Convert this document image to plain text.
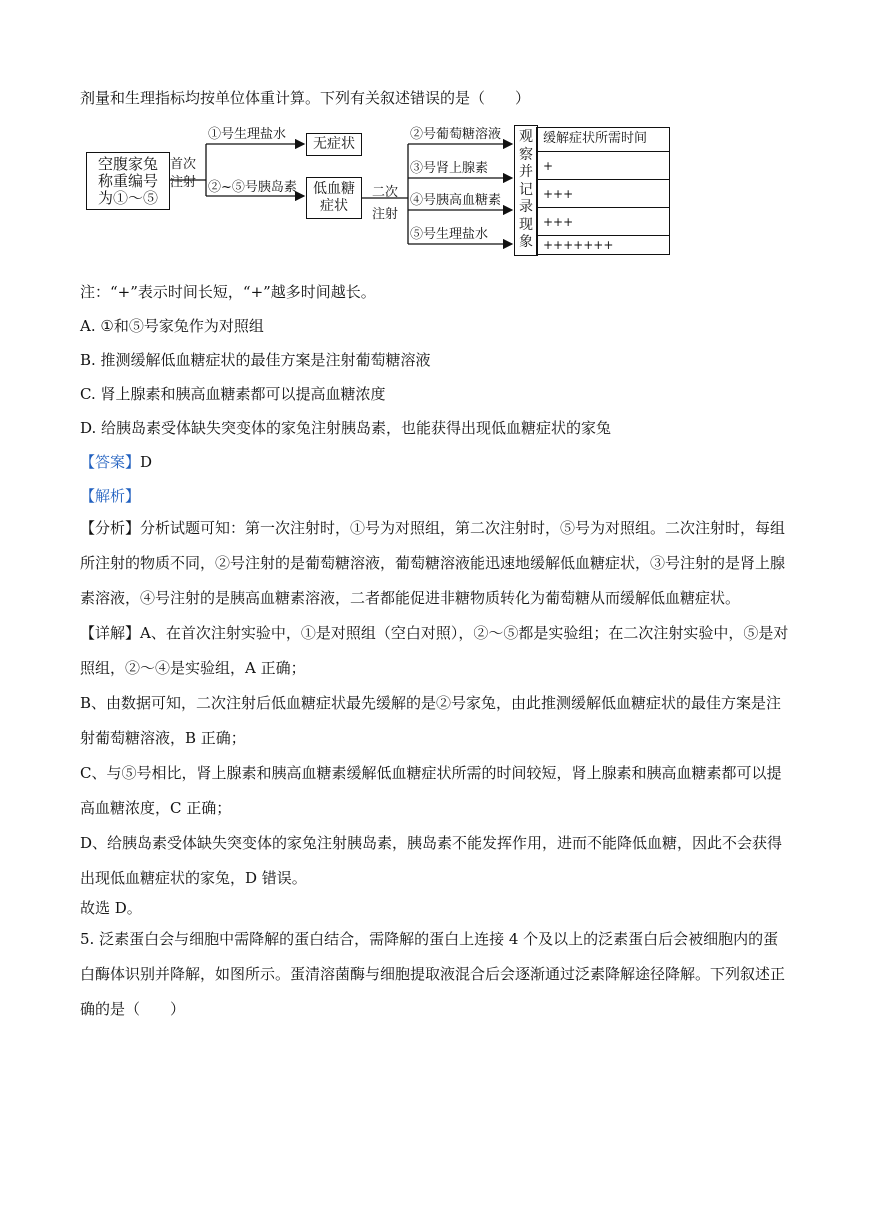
剂量和生理指标均按单位体重计算。下列有关叙述错误的是（　　）
空腹家兔
称重编号
为①～⑤
首次
注射
①号生理盐水
②~⑤号胰岛素
无症状
低血糖
症状
二次
注射
②号葡萄糖溶液
③号肾上腺素
④号胰高血糖素
⑤号生理盐水
观
察
并
记
录
现
象
缓解症状所需时间
+
+++
+++
+++++++
注：“+”表示时间长短，“+”越多时间越长。
A. ①和⑤号家兔作为对照组
B. 推测缓解低血糖症状的最佳方案是注射葡萄糖溶液
C. 肾上腺素和胰高血糖素都可以提高血糖浓度
D. 给胰岛素受体缺失突变体的家兔注射胰岛素，也能获得出现低血糖症状的家兔
【答案】D
【解析】
【分析】分析试题可知：第一次注射时，①号为对照组，第二次注射时，⑤号为对照组。二次注射时，每组所注射的物质不同，②号注射的是葡萄糖溶液，葡萄糖溶液能迅速地缓解低血糖症状，③号注射的是肾上腺素溶液，④号注射的是胰高血糖素溶液，二者都能促进非糖物质转化为葡萄糖从而缓解低血糖症状。
【详解】A、在首次注射实验中，①是对照组（空白对照），②～⑤都是实验组；在二次注射实验中，⑤是对照组，②～④是实验组，A 正确；
B、由数据可知，二次注射后低血糖症状最先缓解的是②号家兔，由此推测缓解低血糖症状的最佳方案是注射葡萄糖溶液，B 正确；
C、与⑤号相比，肾上腺素和胰高血糖素缓解低血糖症状所需的时间较短，肾上腺素和胰高血糖素都可以提高血糖浓度，C 正确；
D、给胰岛素受体缺失突变体的家兔注射胰岛素，胰岛素不能发挥作用，进而不能降低血糖，因此不会获得出现低血糖症状的家兔，D 错误。
故选 D。
5. 泛素蛋白会与细胞中需降解的蛋白结合，需降解的蛋白上连接 4 个及以上的泛素蛋白后会被细胞内的蛋白酶体识别并降解，如图所示。蛋清溶菌酶与细胞提取液混合后会逐渐通过泛素降解途径降解。下列叙述正确的是（　　）
